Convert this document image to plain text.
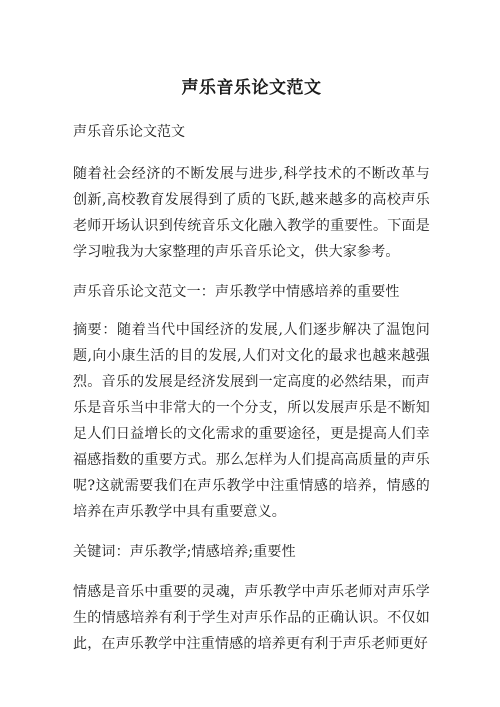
声乐音乐论文范文

声乐音乐论文范文

随着社会经济的不断发展与进步,科学技术的不断改革与创新,高校教育发展得到了质的飞跃,越来越多的高校声乐老师开场认识到传统音乐文化融入教学的重要性。下面是学习啦我为大家整理的声乐音乐论文，供大家参考。

声乐音乐论文范文一：声乐教学中情感培养的重要性

摘要：随着当代中国经济的发展,人们逐步解决了温饱问题,向小康生活的目的发展,人们对文化的最求也越来越强烈。音乐的发展是经济发展到一定高度的必然结果，而声乐是音乐当中非常大的一个分支，所以发展声乐是不断知足人们日益增长的文化需求的重要途径，更是提高人们幸福感指数的重要方式。那么怎样为人们提高高质量的声乐呢?这就需要我们在声乐教学中注重情感的培养，情感的培养在声乐教学中具有重要意义。

关键词：声乐教学;情感培养;重要性

情感是音乐中重要的灵魂，声乐教学中声乐老师对声乐学生的情感培养有利于学生对声乐作品的正确认识。不仅如此，在声乐教学中注重情感的培养更有利于声乐老师更好
